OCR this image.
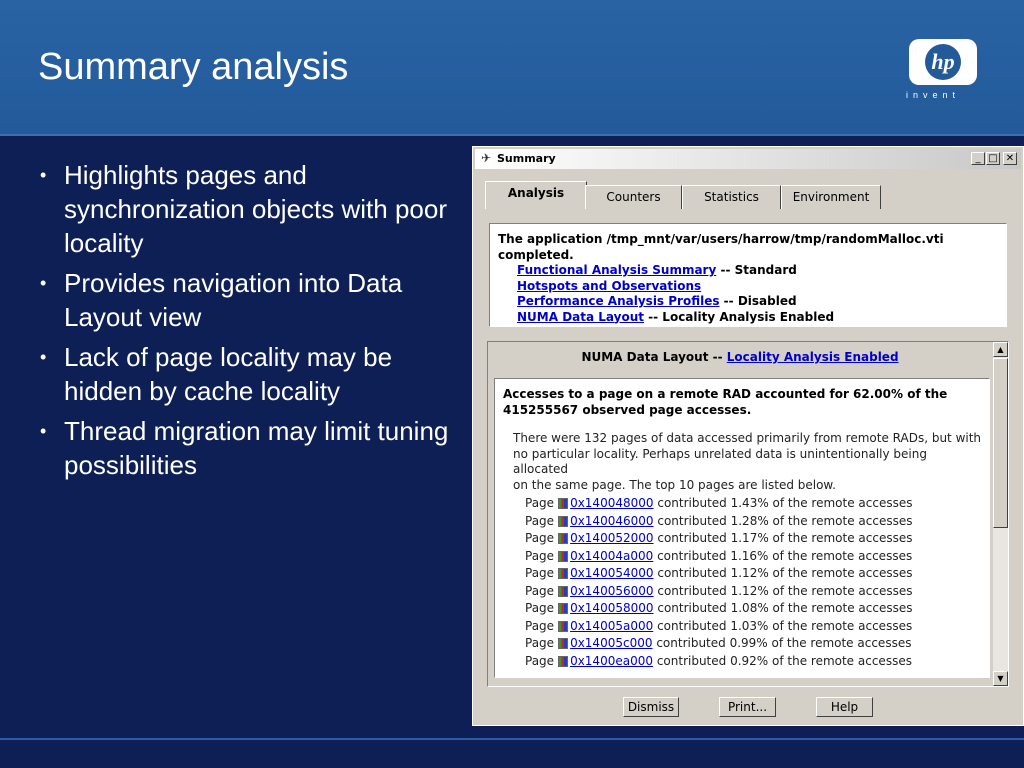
Summary analysis	hp
invent
• Highlights pages and synchronization objects with poor locality
• Provides navigation into Data Layout view
• Lack of page locality may be hidden by cache locality
• Thread migration may limit tuning possibilities
✈ Summary	_ □ ✕
Analysis	Counters	Statistics	Environment
The application /tmp_mnt/var/users/harrow/tmp/randomMalloc.vti
completed.
Functional Analysis Summary -- Standard
Hotspots and Observations
Performance Analysis Profiles -- Disabled
NUMA Data Layout -- Locality Analysis Enabled
NUMA Data Layout -- Locality Analysis Enabled
Accesses to a page on a remote RAD accounted for 62.00% of the
415255567 observed page accesses.
There were 132 pages of data accessed primarily from remote RADs, but with
no particular locality. Perhaps unrelated data is unintentionally being allocated
on the same page. The top 10 pages are listed below.
Page 0x140048000 contributed 1.43% of the remote accesses
Page 0x140046000 contributed 1.28% of the remote accesses
Page 0x140052000 contributed 1.17% of the remote accesses
Page 0x14004a000 contributed 1.16% of the remote accesses
Page 0x140054000 contributed 1.12% of the remote accesses
Page 0x140056000 contributed 1.12% of the remote accesses
Page 0x140058000 contributed 1.08% of the remote accesses
Page 0x14005a000 contributed 1.03% of the remote accesses
Page 0x14005c000 contributed 0.99% of the remote accesses
Page 0x1400ea000 contributed 0.92% of the remote accesses
▲
▼
Dismiss	Print...	Help
